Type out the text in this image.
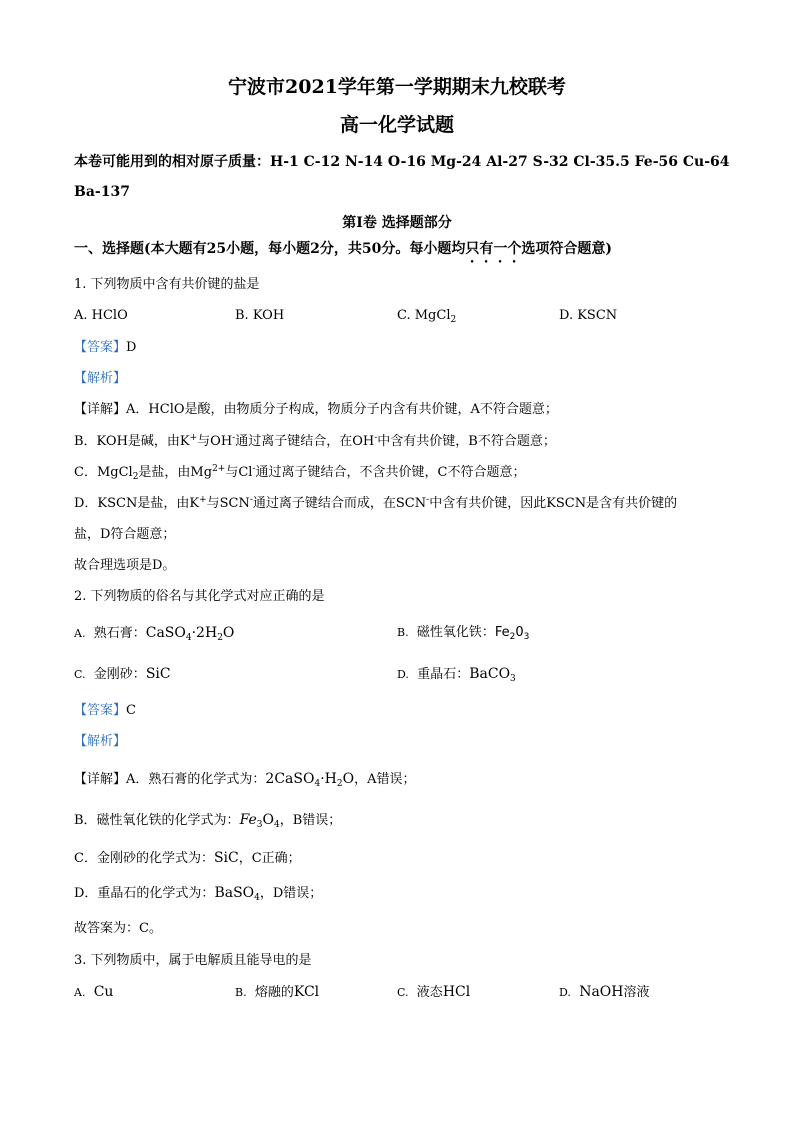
宁波市2021学年第一学期期末九校联考

高一化学试题

本卷可能用到的相对原子质量：H-1 C-12 N-14 O-16 Mg-24 Al-27 S-32 Cl-35.5 Fe-56 Cu-64

Ba-137

第Ⅰ卷 选择题部分

一、选择题(本大题有25小题，每小题2分，共50分。每小题均只有一个选项符合题意)

1. 下列物质中含有共价键的盐是

A. HClO	B. KOH	C. MgCl$_2$	D. KSCN

【答案】D

【解析】

【详解】A．HClO是酸，由物质分子构成，物质分子内含有共价键，A不符合题意；

B．KOH是碱，由K+与OH-通过离子键结合，在OH-中含有共价键，B不符合题意；

C．MgCl$_2$是盐，由$Mg^{2+}$与Cl-通过离子键结合，不含共价键，C不符合题意；

D．KSCN是盐，由K+与SCN-通过离子键结合而成，在SCN-中含有共价键，因此KSCN是含有共价键的

盐，D符合题意；

故合理选项是D。

2. 下列物质的俗名与其化学式对应正确的是

A. 熟石膏：$CaSO_4\cdot 2H_2O$	B. 磁性氧化铁：$Fe_20_3$

C. 金刚砂：SiC	D. 重晶石：BaCO$_3$

【答案】C

【解析】

【详解】A．熟石膏的化学式为：$2CaSO_4\cdot H_2O$，A错误；

B．磁性氧化铁的化学式为：$Fe_3O_4$，B错误；

C．金刚砂的化学式为：SiC，C正确；

D．重晶石的化学式为：BaSO$_4$，D错误；

故答案为：C。

3. 下列物质中，属于电解质且能导电的是

A. Cu	B. 熔融的KCl	C. 液态HCl	D. NaOH溶液
